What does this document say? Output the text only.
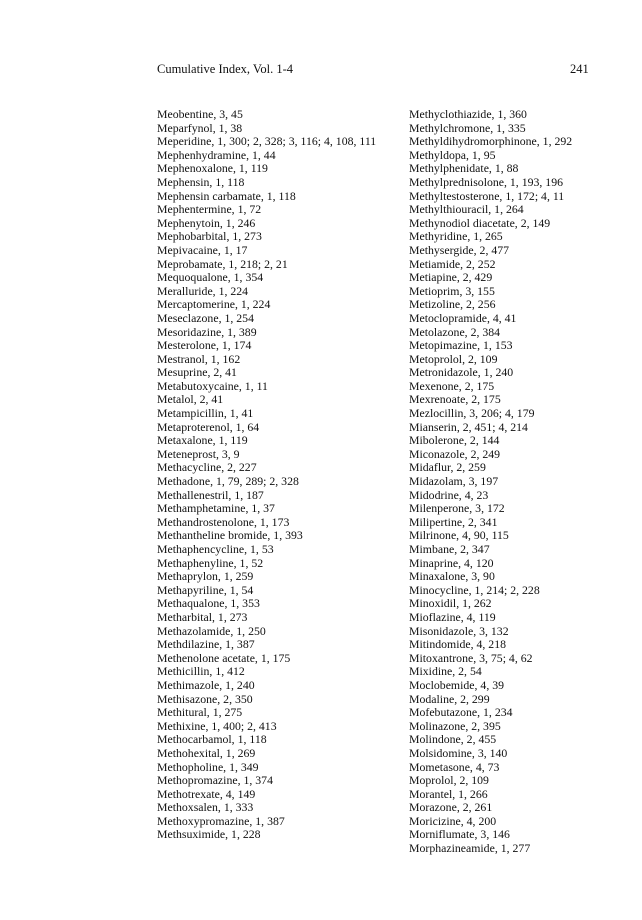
Cumulative Index, Vol. 1-4	241

Meobentine, 3, 45

Meparfynol, 1, 38

Meperidine, 1, 300; 2, 328; 3, 116; 4, 108, 111

Mephenhydramine, 1, 44

Mephenoxalone, 1, 119

Mephensin, 1, 118

Mephensin carbamate, 1, 118

Mephentermine, 1, 72

Mephenytoin, 1, 246

Mephobarbital, 1, 273

Mepivacaine, 1, 17

Meprobamate, 1, 218; 2, 21

Mequoqualone, 1, 354

Meralluride, 1, 224

Mercaptomerine, 1, 224

Meseclazone, 1, 254

Mesoridazine, 1, 389

Mesterolone, 1, 174

Mestranol, 1, 162

Mesuprine, 2, 41

Metabutoxycaine, 1, 11

Metalol, 2, 41

Metampicillin, 1, 41

Metaproterenol, 1, 64

Metaxalone, 1, 119

Meteneprost, 3, 9

Methacycline, 2, 227

Methadone, 1, 79, 289; 2, 328

Methallenestril, 1, 187

Methamphetamine, 1, 37

Methandrostenolone, 1, 173

Methantheline bromide, 1, 393

Methaphencycline, 1, 53

Methaphenyline, 1, 52

Methaprylon, 1, 259

Methapyriline, 1, 54

Methaqualone, 1, 353

Metharbital, 1, 273

Methazolamide, 1, 250

Methdilazine, 1, 387

Methenolone acetate, 1, 175

Methicillin, 1, 412

Methimazole, 1, 240

Methisazone, 2, 350

Methitural, 1, 275

Methixine, 1, 400; 2, 413

Methocarbamol, 1, 118

Methohexital, 1, 269

Methopholine, 1, 349

Methopromazine, 1, 374

Methotrexate, 4, 149

Methoxsalen, 1, 333

Methoxypromazine, 1, 387

Methsuximide, 1, 228

Methyclothiazide, 1, 360

Methylchromone, 1, 335

Methyldihydromorphinone, 1, 292

Methyldopa, 1, 95

Methylphenidate, 1, 88

Methylprednisolone, 1, 193, 196

Methyltestosterone, 1, 172; 4, 11

Methylthiouracil, 1, 264

Methynodiol diacetate, 2, 149

Methyridine, 1, 265

Methysergide, 2, 477

Metiamide, 2, 252

Metiapine, 2, 429

Metioprim, 3, 155

Metizoline, 2, 256

Metoclopramide, 4, 41

Metolazone, 2, 384

Metopimazine, 1, 153

Metoprolol, 2, 109

Metronidazole, 1, 240

Mexenone, 2, 175

Mexrenoate, 2, 175

Mezlocillin, 3, 206; 4, 179

Mianserin, 2, 451; 4, 214

Mibolerone, 2, 144

Miconazole, 2, 249

Midaflur, 2, 259

Midazolam, 3, 197

Midodrine, 4, 23

Milenperone, 3, 172

Milipertine, 2, 341

Milrinone, 4, 90, 115

Mimbane, 2, 347

Minaprine, 4, 120

Minaxalone, 3, 90

Minocycline, 1, 214; 2, 228

Minoxidil, 1, 262

Mioflazine, 4, 119

Misonidazole, 3, 132

Mitindomide, 4, 218

Mitoxantrone, 3, 75; 4, 62

Mixidine, 2, 54

Moclobemide, 4, 39

Modaline, 2, 299

Mofebutazone, 1, 234

Molinazone, 2, 395

Molindone, 2, 455

Molsidomine, 3, 140

Mometasone, 4, 73

Moprolol, 2, 109

Morantel, 1, 266

Morazone, 2, 261

Moricizine, 4, 200

Morniflumate, 3, 146

Morphazineamide, 1, 277
